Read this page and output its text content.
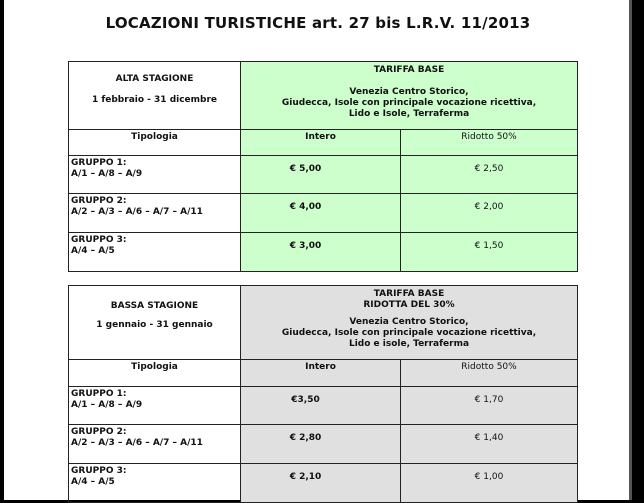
LOCAZIONI TURISTICHE art. 27 bis L.R.V. 11/2013
ALTA STAGIONE
1 febbraio - 31 dicembre	TARIFFA BASE
Venezia Centro Storico,
Giudecca, Isole con principale vocazione ricettiva,
Lido e Isole, Terraferma	

Tipologia	Intero	Ridotto 50%

GRUPPO 1:
A/1 – A/8 – A/9	€ 5,00	€ 2,50

GRUPPO 2:
A/2 – A/3 – A/6 – A/7 – A/11	€ 4,00	€ 2,00

GRUPPO 3:
A/4 – A/5	€ 3,00	€ 1,50
BASSA STAGIONE
1 gennaio - 31 gennaio	TARIFFA BASE
RIDOTTA DEL 30%
Venezia Centro Storico,
Giudecca, Isole con principale vocazione ricettiva,
Lido e isole, Terraferma	

Tipologia	Intero	Ridotto 50%

GRUPPO 1:
A/1 – A/8 – A/9	€3,50	€ 1,70

GRUPPO 2:
A/2 – A/3 – A/6 – A/7 – A/11	€ 2,80	€ 1,40

GRUPPO 3:
A/4 – A/5	€ 2,10	€ 1,00
